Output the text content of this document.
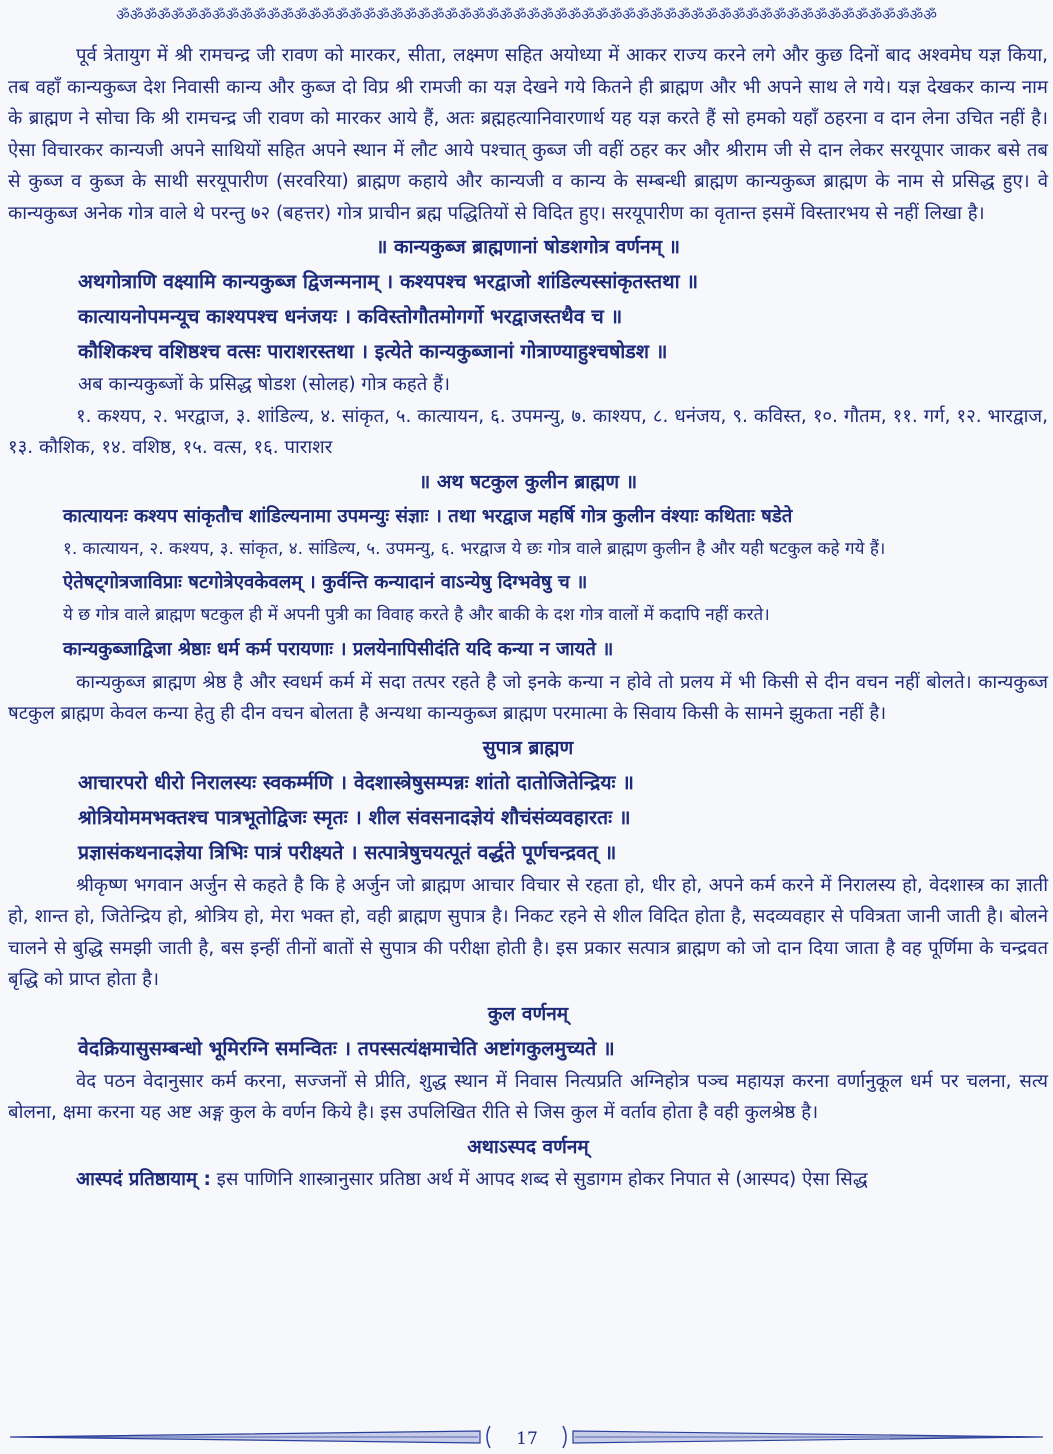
ॐॐॐॐॐॐॐॐॐॐॐॐॐॐॐॐॐॐॐॐॐॐॐॐॐॐॐॐॐॐॐॐॐॐॐॐॐॐॐॐॐॐॐॐॐॐॐॐॐॐॐॐॐॐॐॐॐॐॐॐ

पूर्व त्रेतायुग में श्री रामचन्द्र जी रावण को मारकर, सीता, लक्ष्मण सहित अयोध्या में आकर राज्य करने लगे और कुछ दिनों बाद अश्वमेघ यज्ञ किया, तब वहाँ कान्यकुब्ज देश निवासी कान्य और कुब्ज दो विप्र श्री रामजी का यज्ञ देखने गये कितने ही ब्राह्मण और भी अपने साथ ले गये। यज्ञ देखकर कान्य नाम के ब्राह्मण ने सोचा कि श्री रामचन्द्र जी रावण को मारकर आये हैं, अतः ब्रह्महत्यानिवारणार्थ यह यज्ञ करते हैं सो हमको यहाँ ठहरना व दान लेना उचित नहीं है। ऐसा विचारकर कान्यजी अपने साथियों सहित अपने स्थान में लौट आये पश्चात् कुब्ज जी वहीं ठहर कर और श्रीराम जी से दान लेकर सरयूपार जाकर बसे तब से कुब्ज व कुब्ज के साथी सरयूपारीण (सरवरिया) ब्राह्मण कहाये और कान्यजी व कान्य के सम्बन्धी ब्राह्मण कान्यकुब्ज ब्राह्मण के नाम से प्रसिद्ध हुए। वे कान्यकुब्ज अनेक गोत्र वाले थे परन्तु ७२ (बहत्तर) गोत्र प्राचीन ब्रह्म पद्धितियों से विदित हुए। सरयूपारीण का वृतान्त इसमें विस्तारभय से नहीं लिखा है।

॥ कान्यकुब्ज ब्राह्मणानां षोडशगोत्र वर्णनम् ॥
अथगोत्राणि वक्ष्यामि कान्यकुब्ज द्विजन्मनाम् । कश्यपश्च भरद्वाजो शांडिल्यस्सांकृतस्तथा ॥
कात्यायनोपमन्यूच काश्यपश्च धनंजयः । कविस्तोगौतमोगर्गो भरद्वाजस्तथैव च ॥
कौशिकश्च वशिष्ठश्च वत्सः पाराशरस्तथा । इत्येते कान्यकुब्जानां गोत्राण्याहुश्चषोडश ॥
अब कान्यकुब्जों के प्रसिद्ध षोडश (सोलह) गोत्र कहते हैं।

१. कश्यप, २. भरद्वाज, ३. शांडिल्य, ४. सांकृत, ५. कात्यायन, ६. उपमन्यु, ७. काश्यप, ८. धनंजय, ९. कविस्त, १०. गौतम, ११. गर्ग, १२. भारद्वाज, १३. कौशिक, १४. वशिष्ठ, १५. वत्स, १६. पाराशर

॥ अथ षटकुल कुलीन ब्राह्मण ॥
कात्यायनः कश्यप सांकृतौच शांडिल्यनामा उपमन्युः संज्ञाः । तथा भरद्वाज महर्षि गोत्र कुलीन वंश्याः कथिताः षडेते
१. कात्यायन, २. कश्यप, ३. सांकृत, ४. सांडिल्य, ५. उपमन्यु, ६. भरद्वाज ये छः गोत्र वाले ब्राह्मण कुलीन है और यही षटकुल कहे गये हैं।
ऐतेषट्गोत्रजाविप्राः षटगोत्रेएवकेवलम् । कुर्वन्ति कन्यादानं वाऽन्येषु दिग्भवेषु च ॥
ये छ गोत्र वाले ब्राह्मण षटकुल ही में अपनी पुत्री का विवाह करते है और बाकी के दश गोत्र वालों में कदापि नहीं करते।
कान्यकुब्जाद्विजा श्रेष्ठाः धर्म कर्म परायणाः । प्रलयेनापिसीदंति यदि कन्या न जायते ॥

कान्यकुब्ज ब्राह्मण श्रेष्ठ है और स्वधर्म कर्म में सदा तत्पर रहते है जो इनके कन्या न होवे तो प्रलय में भी किसी से दीन वचन नहीं बोलते। कान्यकुब्ज षटकुल ब्राह्मण केवल कन्या हेतु ही दीन वचन बोलता है अन्यथा कान्यकुब्ज ब्राह्मण परमात्मा के सिवाय किसी के सामने झुकता नहीं है।

सुपात्र ब्राह्मण
आचारपरो धीरो निरालस्यः स्वकर्म्मणि । वेदशास्त्रेषुसम्पन्नः शांतो दातोजितेन्द्रियः ॥
श्रोत्रियोममभक्तश्च पात्रभूतोद्विजः स्मृतः । शील संवसनादज्ञेयं शौचंसंव्यवहारतः ॥
प्रज्ञासंकथनादज्ञेया त्रिभिः पात्रं परीक्ष्यते । सत्पात्रेषुचयत्पूतं वर्द्धते पूर्णचन्द्रवत् ॥

श्रीकृष्ण भगवान अर्जुन से कहते है कि हे अर्जुन जो ब्राह्मण आचार विचार से रहता हो, धीर हो, अपने कर्म करने में निरालस्य हो, वेदशास्त्र का ज्ञाती हो, शान्त हो, जितेन्द्रिय हो, श्रोत्रिय हो, मेरा भक्त हो, वही ब्राह्मण सुपात्र है। निकट रहने से शील विदित होता है, सदव्यवहार से पवित्रता जानी जाती है। बोलने चालने से बुद्धि समझी जाती है, बस इन्हीं तीनों बातों से सुपात्र की परीक्षा होती है। इस प्रकार सत्पात्र ब्राह्मण को जो दान दिया जाता है वह पूर्णिमा के चन्द्रवत बृद्धि को प्राप्त होता है।

कुल वर्णनम्
वेदक्रियासुसम्बन्धो भूमिरग्नि समन्वितः । तपस्सत्यंक्षमाचेति अष्टांगकुलमुच्यते ॥

वेद पठन वेदानुसार कर्म करना, सज्जनों से प्रीति, शुद्ध स्थान में निवास नित्यप्रति अग्निहोत्र पञ्च महायज्ञ करना वर्णानुकूल धर्म पर चलना, सत्य बोलना, क्षमा करना यह अष्ट अङ्ग कुल के वर्णन किये है। इस उपलिखित रीति से जिस कुल में वर्ताव होता है वही कुलश्रेष्ठ है।

अथाऽस्पद वर्णनम्

आस्पदं प्रतिष्ठायाम् : इस पाणिनि शास्त्रानुसार प्रतिष्ठा अर्थ में आपद शब्द से सुडागम होकर निपात से (आस्पद) ऐसा सिद्ध

17
